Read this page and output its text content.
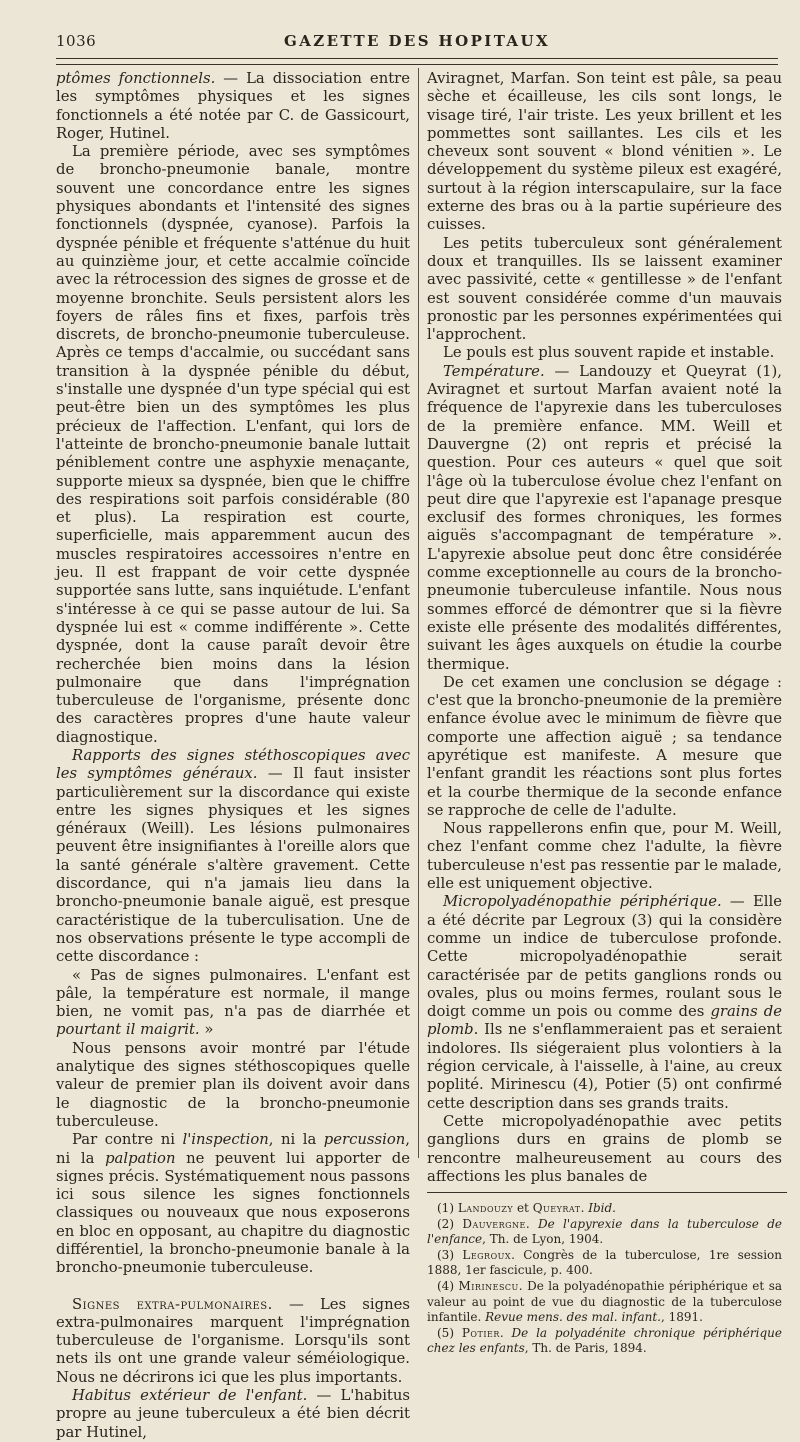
1036	GAZETTE DES HOPITAUX

ptômes fonctionnels. — La dissociation entre les symptômes physiques et les signes fonctionnels a été notée par C. de Gassicourt, Roger, Hutinel.

La première période, avec ses symptômes de broncho-pneumonie banale, montre souvent une concordance entre les signes physiques abondants et l'intensité des signes fonctionnels (dyspnée, cyanose). Parfois la dyspnée pénible et fréquente s'atténue du huit au quinzième jour, et cette accalmie coïncide avec la rétrocession des signes de grosse et de moyenne bronchite. Seuls persistent alors les foyers de râles fins et fixes, parfois très discrets, de broncho-pneumonie tuberculeuse. Après ce temps d'accalmie, ou succédant sans transition à la dyspnée pénible du début, s'installe une dyspnée d'un type spécial qui est peut-être bien un des symptômes les plus précieux de l'affection. L'enfant, qui lors de l'atteinte de broncho-pneumonie banale luttait péniblement contre une asphyxie menaçante, supporte mieux sa dyspnée, bien que le chiffre des respirations soit parfois considérable (80 et plus). La respiration est courte, superficielle, mais apparemment aucun des muscles respiratoires accessoires n'entre en jeu. Il est frappant de voir cette dyspnée supportée sans lutte, sans inquiétude. L'enfant s'intéresse à ce qui se passe autour de lui. Sa dyspnée lui est « comme indifférente ». Cette dyspnée, dont la cause paraît devoir être recherchée bien moins dans la lésion pulmonaire que dans l'imprégnation tuberculeuse de l'organisme, présente donc des caractères propres d'une haute valeur diagnostique.

Rapports des signes stéthoscopiques avec les symptômes généraux. — Il faut insister particulièrement sur la discordance qui existe entre les signes physiques et les signes généraux (Weill). Les lésions pulmonaires peuvent être insignifiantes à l'oreille alors que la santé générale s'altère gravement. Cette discordance, qui n'a jamais lieu dans la broncho-pneumonie banale aiguë, est presque caractéristique de la tuberculisation. Une de nos observations présente le type accompli de cette discordance :

« Pas de signes pulmonaires. L'enfant est pâle, la température est normale, il mange bien, ne vomit pas, n'a pas de diarrhée et pourtant il maigrit. »

Nous pensons avoir montré par l'étude analytique des signes stéthoscopiques quelle valeur de premier plan ils doivent avoir dans le diagnostic de la broncho-pneumonie tuberculeuse.

Par contre ni l'inspection, ni la percussion, ni la palpation ne peuvent lui apporter de signes précis. Systématiquement nous passons ici sous silence les signes fonctionnels classiques ou nouveaux que nous exposerons en bloc en opposant, au chapitre du diagnostic différentiel, la broncho-pneumonie banale à la broncho-pneumonie tuberculeuse.

Signes extra-pulmonaires. — Les signes extra-pulmonaires marquent l'imprégnation tuberculeuse de l'organisme. Lorsqu'ils sont nets ils ont une grande valeur séméiologique. Nous ne décrirons ici que les plus importants.

Habitus extérieur de l'enfant. — L'habitus propre au jeune tuberculeux a été bien décrit par Hutinel,

Aviragnet, Marfan. Son teint est pâle, sa peau sèche et écailleuse, les cils sont longs, le visage tiré, l'air triste. Les yeux brillent et les pommettes sont saillantes. Les cils et les cheveux sont souvent « blond vénitien ». Le développement du système pileux est exagéré, surtout à la région interscapulaire, sur la face externe des bras ou à la partie supérieure des cuisses.

Les petits tuberculeux sont généralement doux et tranquilles. Ils se laissent examiner avec passivité, cette « gentillesse » de l'enfant est souvent considérée comme d'un mauvais pronostic par les personnes expérimentées qui l'approchent.

Le pouls est plus souvent rapide et instable.

Température. — Landouzy et Queyrat (1), Aviragnet et surtout Marfan avaient noté la fréquence de l'apyrexie dans les tuberculoses de la première enfance. MM. Weill et Dauvergne (2) ont repris et précisé la question. Pour ces auteurs « quel que soit l'âge où la tuberculose évolue chez l'enfant on peut dire que l'apyrexie est l'apanage presque exclusif des formes chroniques, les formes aiguës s'accompagnant de température ». L'apyrexie absolue peut donc être considérée comme exceptionnelle au cours de la broncho-pneumonie tuberculeuse infantile. Nous nous sommes efforcé de démontrer que si la fièvre existe elle présente des modalités différentes, suivant les âges auxquels on étudie la courbe thermique.

De cet examen une conclusion se dégage : c'est que la broncho-pneumonie de la première enfance évolue avec le minimum de fièvre que comporte une affection aiguë ; sa tendance apyrétique est manifeste. A mesure que l'enfant grandit les réactions sont plus fortes et la courbe thermique de la seconde enfance se rapproche de celle de l'adulte.

Nous rappellerons enfin que, pour M. Weill, chez l'enfant comme chez l'adulte, la fièvre tuberculeuse n'est pas ressentie par le malade, elle est uniquement objective.

Micropolyadénopathie périphérique. — Elle a été décrite par Legroux (3) qui la considère comme un indice de tuberculose profonde. Cette micropolyadénopathie serait caractérisée par de petits ganglions ronds ou ovales, plus ou moins fermes, roulant sous le doigt comme un pois ou comme des grains de plomb. Ils ne s'enflammeraient pas et seraient indolores. Ils siégeraient plus volontiers à la région cervicale, à l'aisselle, à l'aine, au creux poplité. Mirinescu (4), Potier (5) ont confirmé cette description dans ses grands traits.

Cette micropolyadénopathie avec petits ganglions durs en grains de plomb se rencontre malheureusement au cours des affections les plus banales de

(1) Landouzy et Queyrat. Ibid.

(2) Dauvergne. De l'apyrexie dans la tuberculose de l'enfance, Th. de Lyon, 1904.

(3) Legroux. Congrès de la tuberculose, 1re session 1888, 1er fascicule, p. 400.

(4) Mirinescu. De la polyadénopathie périphérique et sa valeur au point de vue du diagnostic de la tuberculose infantile. Revue mens. des mal. infant., 1891.

(5) Potier. De la polyadénite chronique périphérique chez les enfants, Th. de Paris, 1894.
